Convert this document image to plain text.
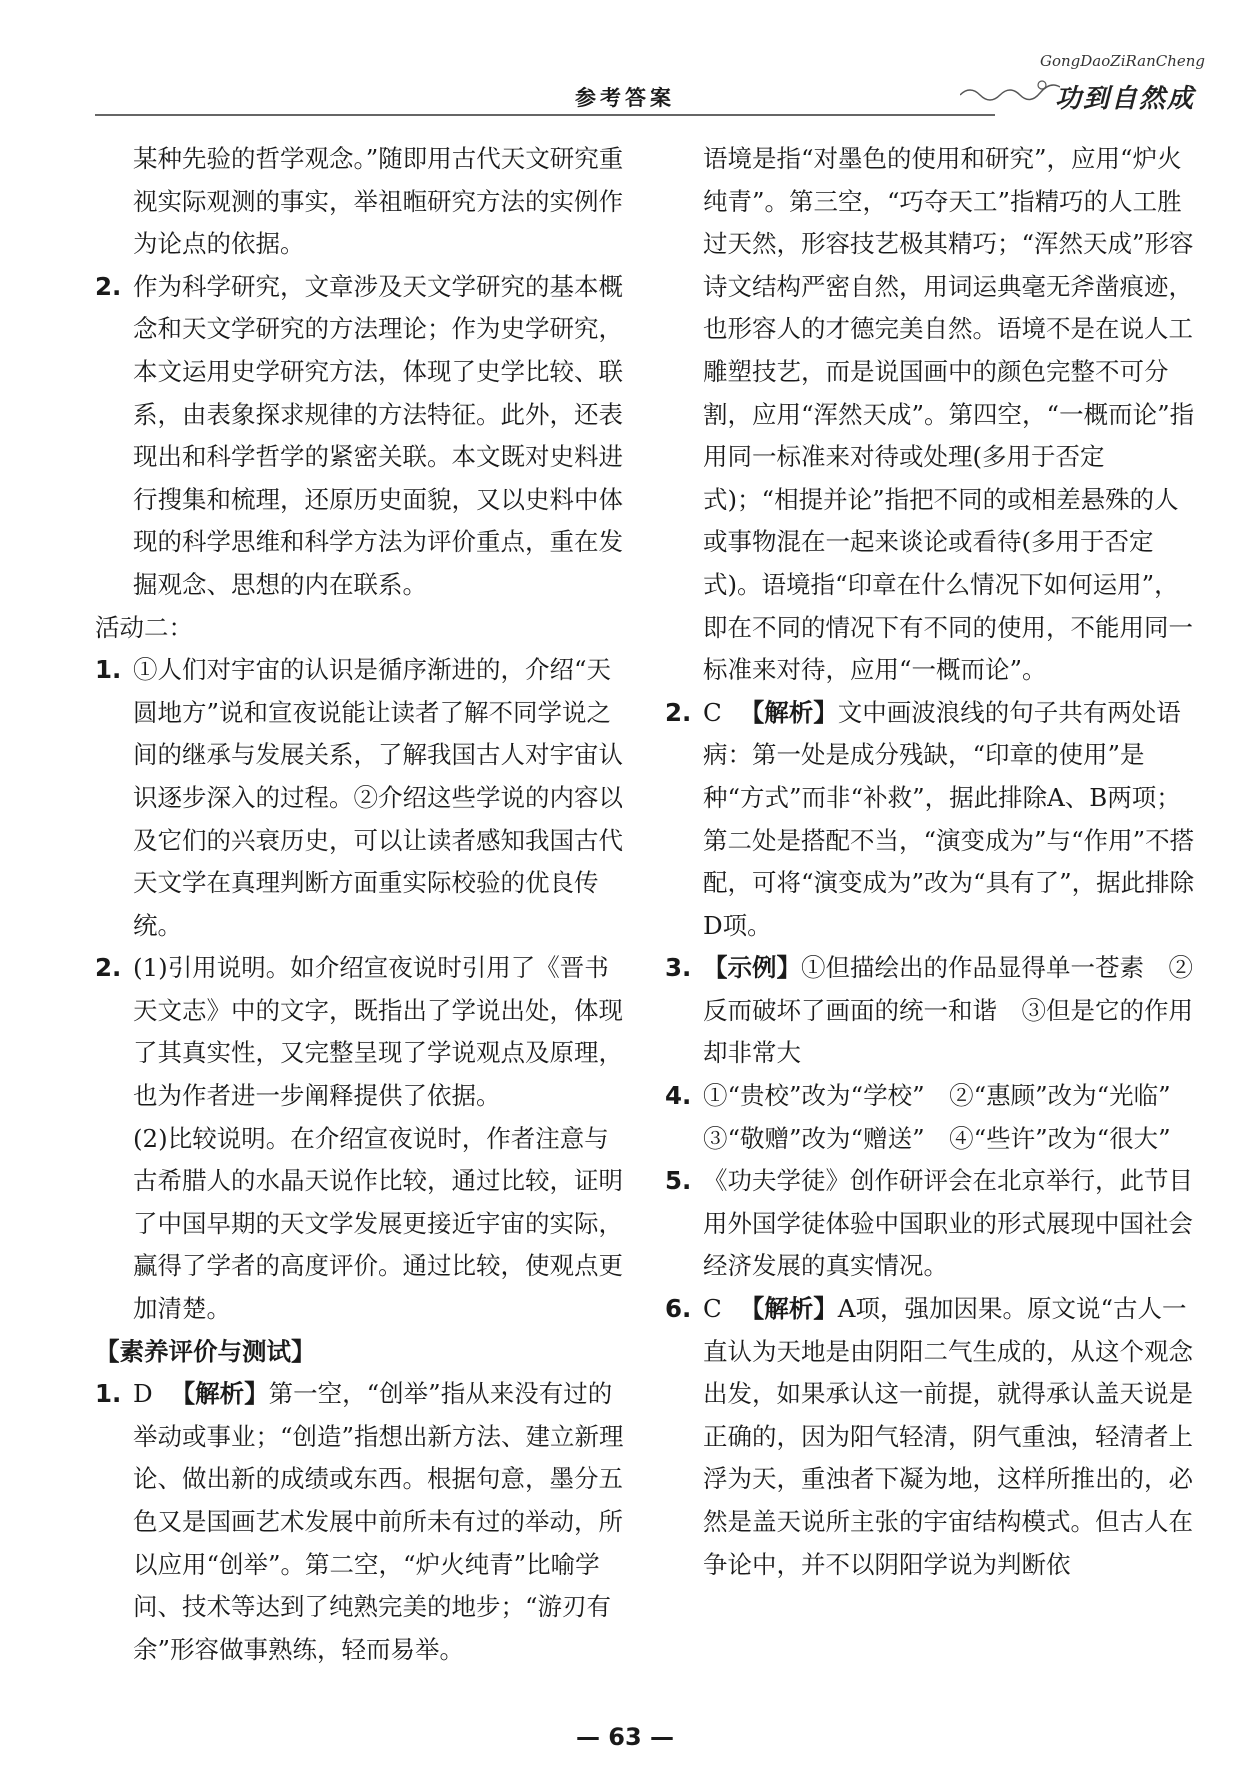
参考答案
GongDaoZiRanCheng
功到自然成

某种先验的哲学观念。”随即用古代天文研究重视实际观测的事实，举祖暅研究方法的实例作为论点的依据。

2. 作为科学研究，文章涉及天文学研究的基本概念和天文学研究的方法理论；作为史学研究，本文运用史学研究方法，体现了史学比较、联系，由表象探求规律的方法特征。此外，还表现出和科学哲学的紧密关联。本文既对史料进行搜集和梳理，还原历史面貌，又以史料中体现的科学思维和科学方法为评价重点，重在发掘观念、思想的内在联系。

活动二：

1. ①人们对宇宙的认识是循序渐进的，介绍“天圆地方”说和宣夜说能让读者了解不同学说之间的继承与发展关系，了解我国古人对宇宙认识逐步深入的过程。②介绍这些学说的内容以及它们的兴衰历史，可以让读者感知我国古代天文学在真理判断方面重实际校验的优良传统。
2. (1)引用说明。如介绍宣夜说时引用了《晋书天文志》中的文字，既指出了学说出处，体现了其真实性，又完整呈现了学说观点及原理，也为作者进一步阐释提供了依据。
(2)比较说明。在介绍宣夜说时，作者注意与古希腊人的水晶天说作比较，通过比较，证明了中国早期的天文学发展更接近宇宙的实际，赢得了学者的高度评价。通过比较，使观点更加清楚。

【素养评价与测试】

1. D 【解析】第一空，“创举”指从来没有过的举动或事业；“创造”指想出新方法、建立新理论、做出新的成绩或东西。根据句意，墨分五色又是国画艺术发展中前所未有过的举动，所以应用“创举”。第二空，“炉火纯青”比喻学问、技术等达到了纯熟完美的地步；“游刃有余”形容做事熟练，轻而易举。

语境是指“对墨色的使用和研究”，应用“炉火纯青”。第三空，“巧夺天工”指精巧的人工胜过天然，形容技艺极其精巧；“浑然天成”形容诗文结构严密自然，用词运典毫无斧凿痕迹，也形容人的才德完美自然。语境不是在说人工雕塑技艺，而是说国画中的颜色完整不可分割，应用“浑然天成”。第四空，“一概而论”指用同一标准来对待或处理(多用于否定式)；“相提并论”指把不同的或相差悬殊的人或事物混在一起来谈论或看待(多用于否定式)。语境指“印章在什么情况下如何运用”，即在不同的情况下有不同的使用，不能用同一标准来对待，应用“一概而论”。

2. C 【解析】文中画波浪线的句子共有两处语病：第一处是成分残缺，“印章的使用”是种“方式”而非“补救”，据此排除A、B两项；第二处是搭配不当，“演变成为”与“作用”不搭配，可将“演变成为”改为“具有了”，据此排除D项。
3. 【示例】①但描绘出的作品显得单一苍素　②反而破坏了画面的统一和谐　③但是它的作用却非常大
4. ①“贵校”改为“学校”　②“惠顾”改为“光临”　③“敬赠”改为“赠送”　④“些许”改为“很大”
5. 《功夫学徒》创作研评会在北京举行，此节目用外国学徒体验中国职业的形式展现中国社会经济发展的真实情况。
6. C 【解析】A项，强加因果。原文说“古人一直认为天地是由阴阳二气生成的，从这个观念出发，如果承认这一前提，就得承认盖天说是正确的，因为阳气轻清，阴气重浊，轻清者上浮为天，重浊者下凝为地，这样所推出的，必然是盖天说所主张的宇宙结构模式。但古人在争论中，并不以阴阳学说为判断依
— 63 —
